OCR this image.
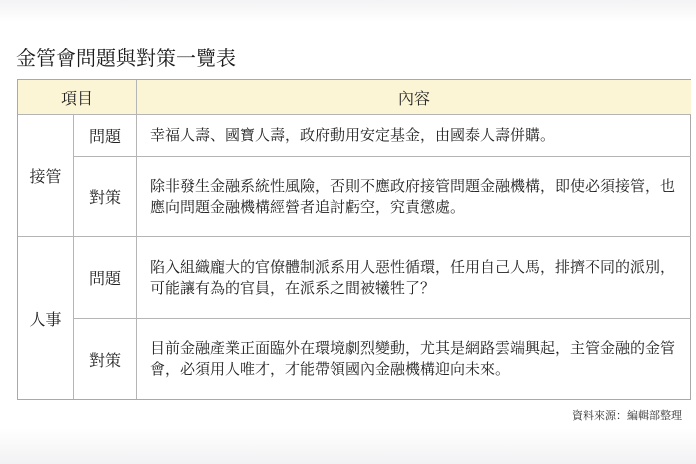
金管會問題與對策一覽表
項目	內容
接管
問題	幸福人壽、國寶人壽，政府動用安定基金，由國泰人壽併購。
對策
除非發生金融系統性風險，否則不應政府接管問題金融機構，即使必須接管，也應向問題金融機構經營者追討虧空，究責懲處。
人事
問題
陷入組織龐大的官僚體制派系用人惡性循環，任用自己人馬，排擠不同的派別，可能讓有為的官員，在派系之間被犧牲了？
對策
目前金融產業正面臨外在環境劇烈變動，尤其是網路雲端興起，主管金融的金管會，必須用人唯才，才能帶領國內金融機構迎向未來。
資料來源：編輯部整理
